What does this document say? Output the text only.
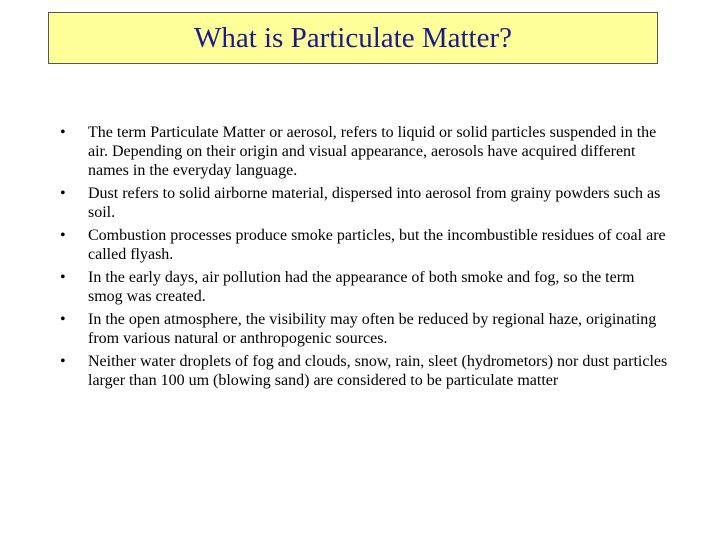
What is Particulate Matter?
•	The term Particulate Matter or aerosol, refers to liquid or solid particles suspended in the air. Depending on their origin and visual appearance, aerosols have acquired different names in the everyday language.
•	Dust refers to solid airborne material, dispersed into aerosol from grainy powders such as soil.
•	Combustion processes produce smoke particles, but the incombustible residues of coal are called flyash.
•	In the early days, air pollution had the appearance of both smoke and fog, so the term smog was created.
•	In the open atmosphere, the visibility may often be reduced by regional haze, originating from various natural or anthropogenic sources.
•	Neither water droplets of fog and clouds, snow, rain, sleet (hydrometors) nor dust particles larger than 100 um (blowing sand) are considered to be particulate matter
